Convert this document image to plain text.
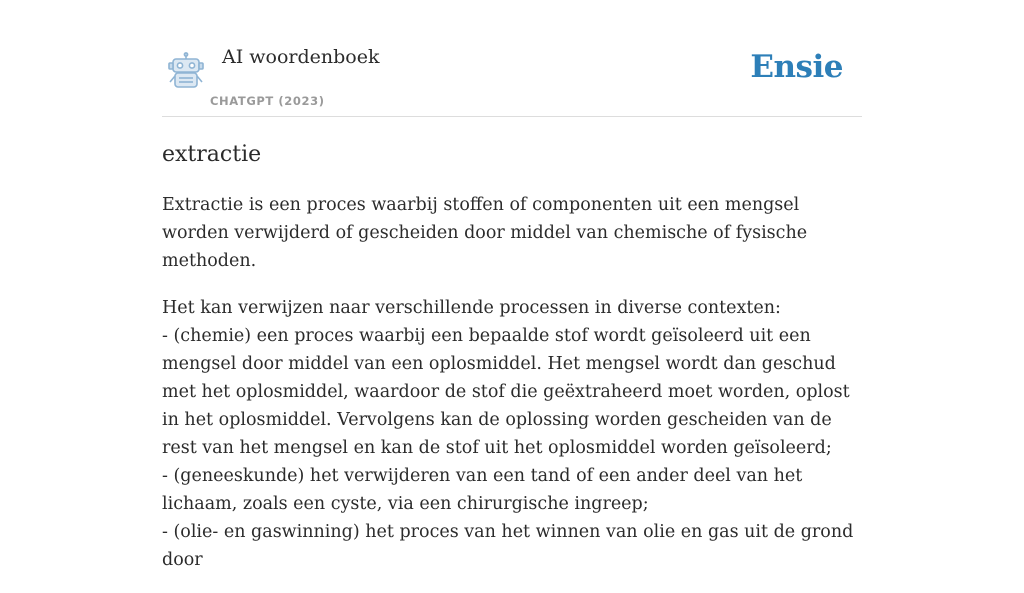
AI woordenboek
CHATGPT (2023)
Ensie
extractie

Extractie is een proces waarbij stoffen of componenten uit een mengsel worden verwijderd of gescheiden door middel van chemische of fysische methoden.

Het kan verwijzen naar verschillende processen in diverse contexten:
- (chemie) een proces waarbij een bepaalde stof wordt geïsoleerd uit een mengsel door middel van een oplosmiddel. Het mengsel wordt dan geschud met het oplosmiddel, waardoor de stof die geëxtraheerd moet worden, oplost in het oplosmiddel. Vervolgens kan de oplossing worden gescheiden van de rest van het mengsel en kan de stof uit het oplosmiddel worden geïsoleerd;
- (geneeskunde) het verwijderen van een tand of een ander deel van het lichaam, zoals een cyste, via een chirurgische ingreep;
- (olie- en gaswinning) het proces van het winnen van olie en gas uit de grond door
